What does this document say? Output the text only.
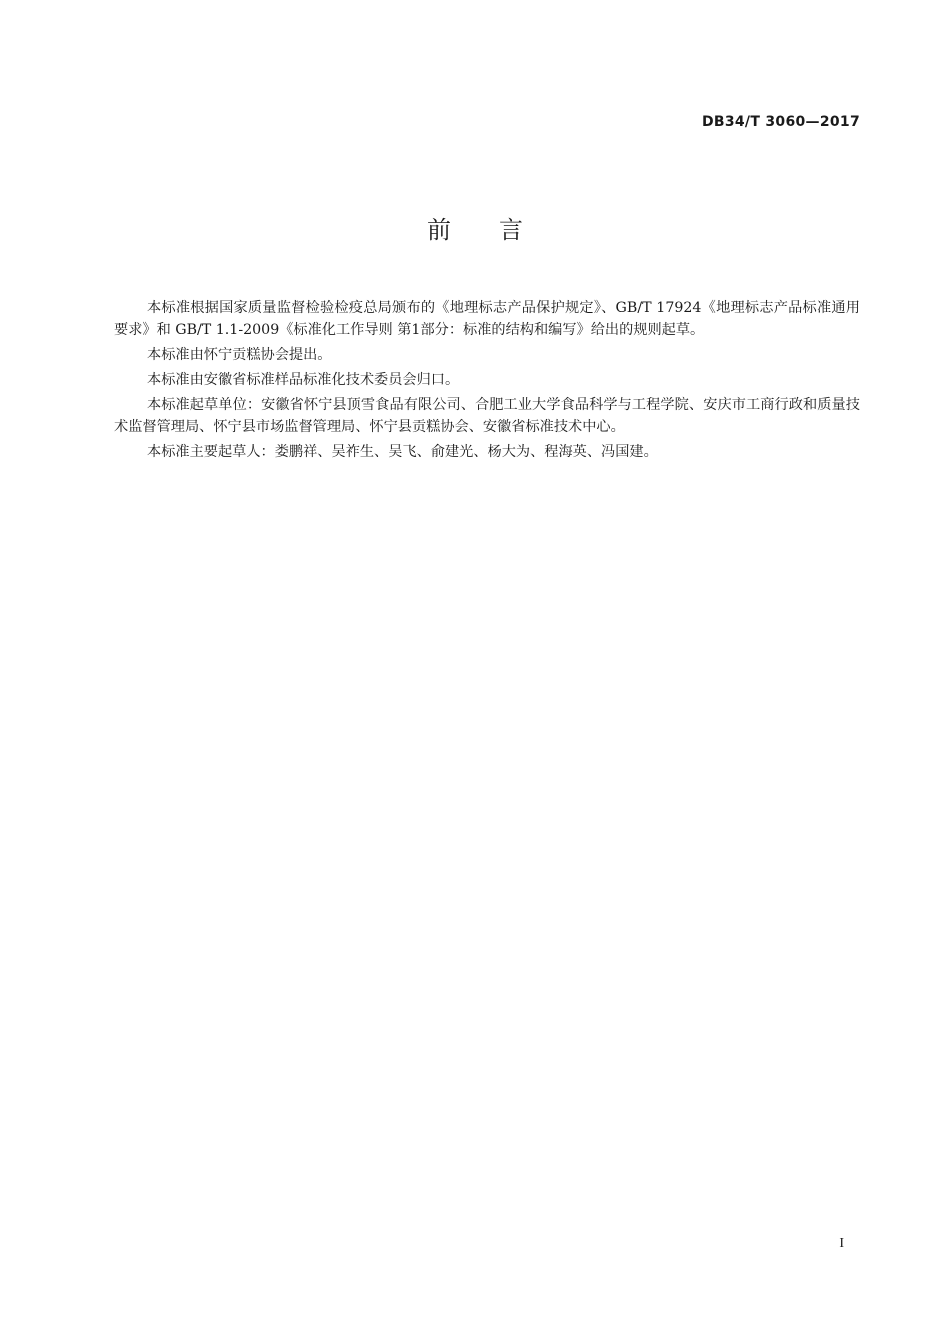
DB34/T 3060—2017
前言

本标准根据国家质量监督检验检疫总局颁布的《地理标志产品保护规定》、GB/T 17924《地理标志产品标准通用要求》和 GB/T 1.1-2009《标准化工作导则 第1部分：标准的结构和编写》给出的规则起草。

本标准由怀宁贡糕协会提出。

本标准由安徽省标准样品标准化技术委员会归口。

本标准起草单位：安徽省怀宁县顶雪食品有限公司、合肥工业大学食品科学与工程学院、安庆市工商行政和质量技术监督管理局、怀宁县市场监督管理局、怀宁县贡糕协会、安徽省标准技术中心。

本标准主要起草人：娄鹏祥、吴祚生、吴飞、俞建光、杨大为、程海英、冯国建。

I
